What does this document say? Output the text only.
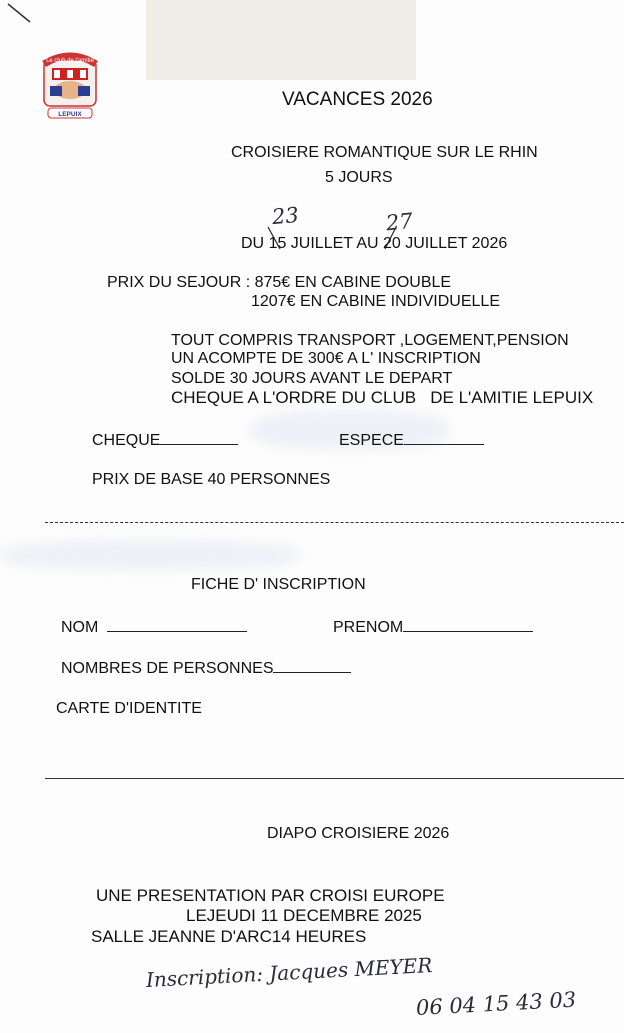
Le club de l'amitié
LEPUIX
VACANCES 2026
CROISIERE ROMANTIQUE SUR LE RHIN
5 JOURS
23	27
DU 15 JUILLET AU 20 JUILLET 2026
PRIX DU SEJOUR : 875€ EN CABINE DOUBLE
1207€ EN CABINE INDIVIDUELLE
TOUT COMPRIS TRANSPORT ,LOGEMENT,PENSION
UN ACOMPTE DE 300€ A L' INSCRIPTION
SOLDE 30 JOURS AVANT LE DEPART
CHEQUE A L'ORDRE DU CLUB   DE L'AMITIE LEPUIX
CHEQUE	ESPECE
PRIX DE BASE 40 PERSONNES
FICHE D' INSCRIPTION
NOM	PRENOM
NOMBRES DE PERSONNES
CARTE D'IDENTITE
DIAPO CROISIERE 2026
UNE PRESENTATION PAR CROISI EUROPE
LEJEUDI 11 DECEMBRE 2025
SALLE JEANNE D'ARC14 HEURES
Inscription: Jacques MEYER
06 04 15 43 03
